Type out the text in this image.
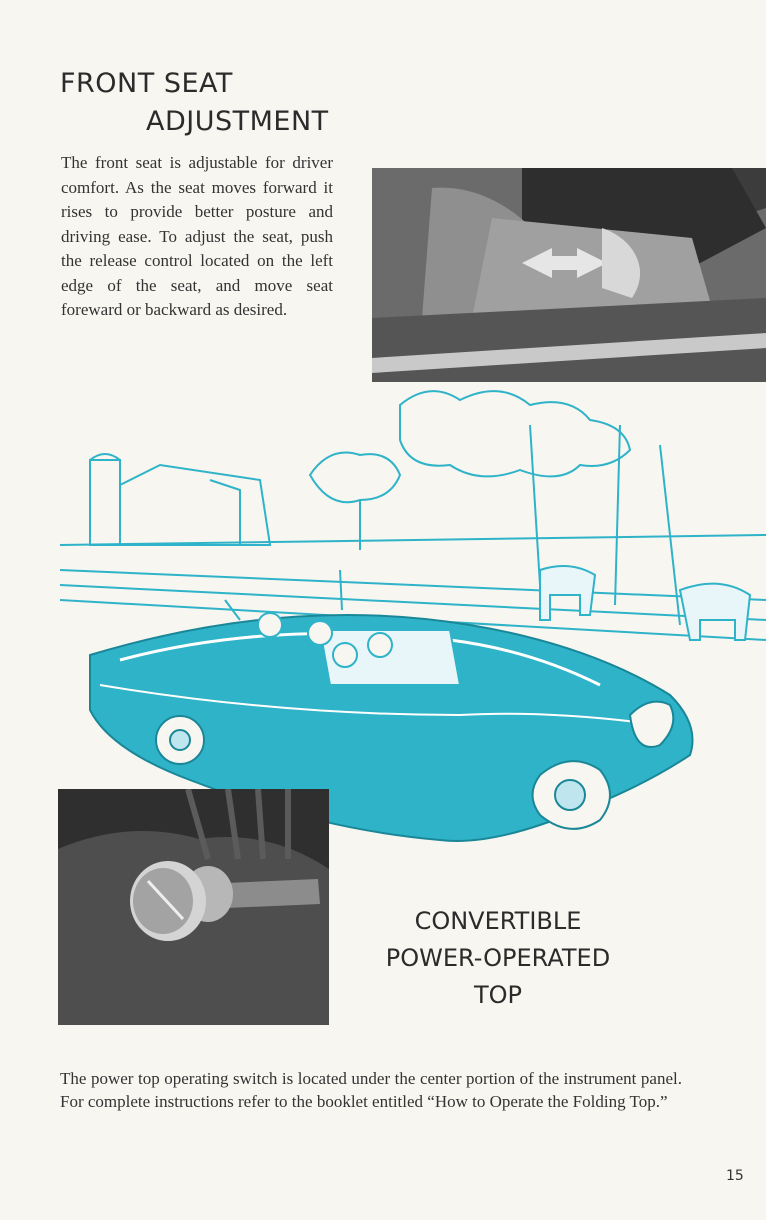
FRONT SEAT
ADJUSTMENT

The front seat is adjustable for driver comfort. As the seat moves forward it rises to provide better posture and driving ease. To adjust the seat, push the release control located on the left edge of the seat, and move seat foreward or backward as desired.

CONVERTIBLE
POWER-OPERATED
TOP

The power top operating switch is located under the center portion of the instrument panel. For complete instructions refer to the booklet entitled “How to Operate the Folding Top.”

15
